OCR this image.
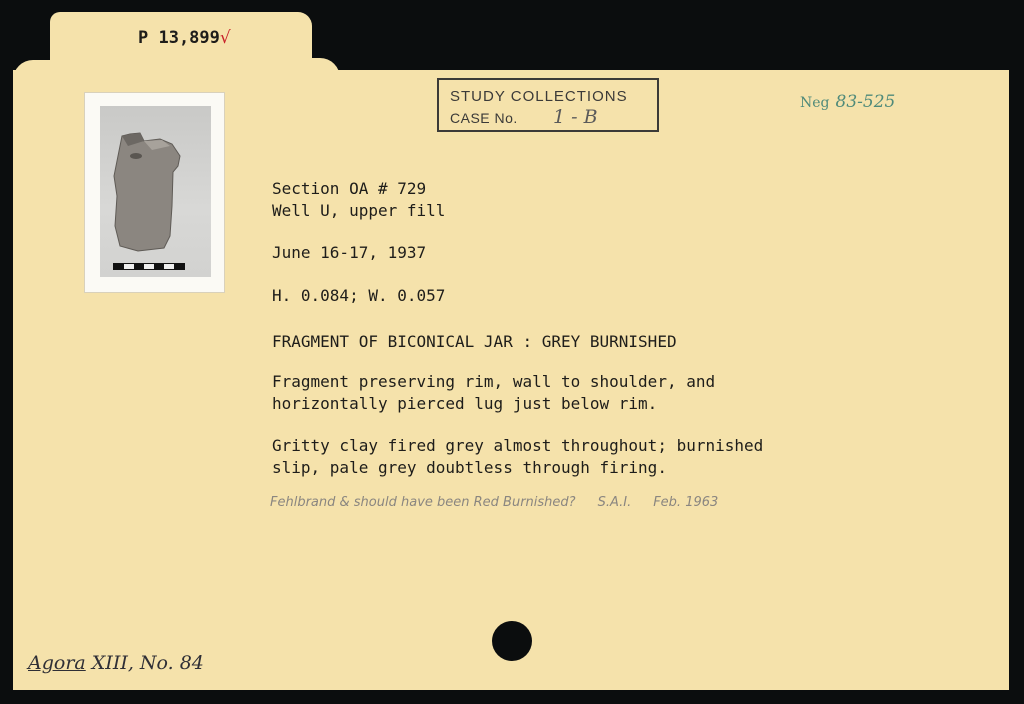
P 13,899√
STUDY COLLECTIONS
CASE No. 1 - B
Neg 83-525
Section OA # 729
Well U, upper fill
June 16-17, 1937
H. 0.084; W. 0.057
FRAGMENT OF BICONICAL JAR : GREY BURNISHED
Fragment preserving rim, wall to shoulder, and
horizontally pierced lug just below rim.
Gritty clay fired grey almost throughout; burnished
slip, pale grey doubtless through firing.
Fehlbrand & should have been Red Burnished? S.A.I. Feb. 1963
Agora XIII, No. 84
